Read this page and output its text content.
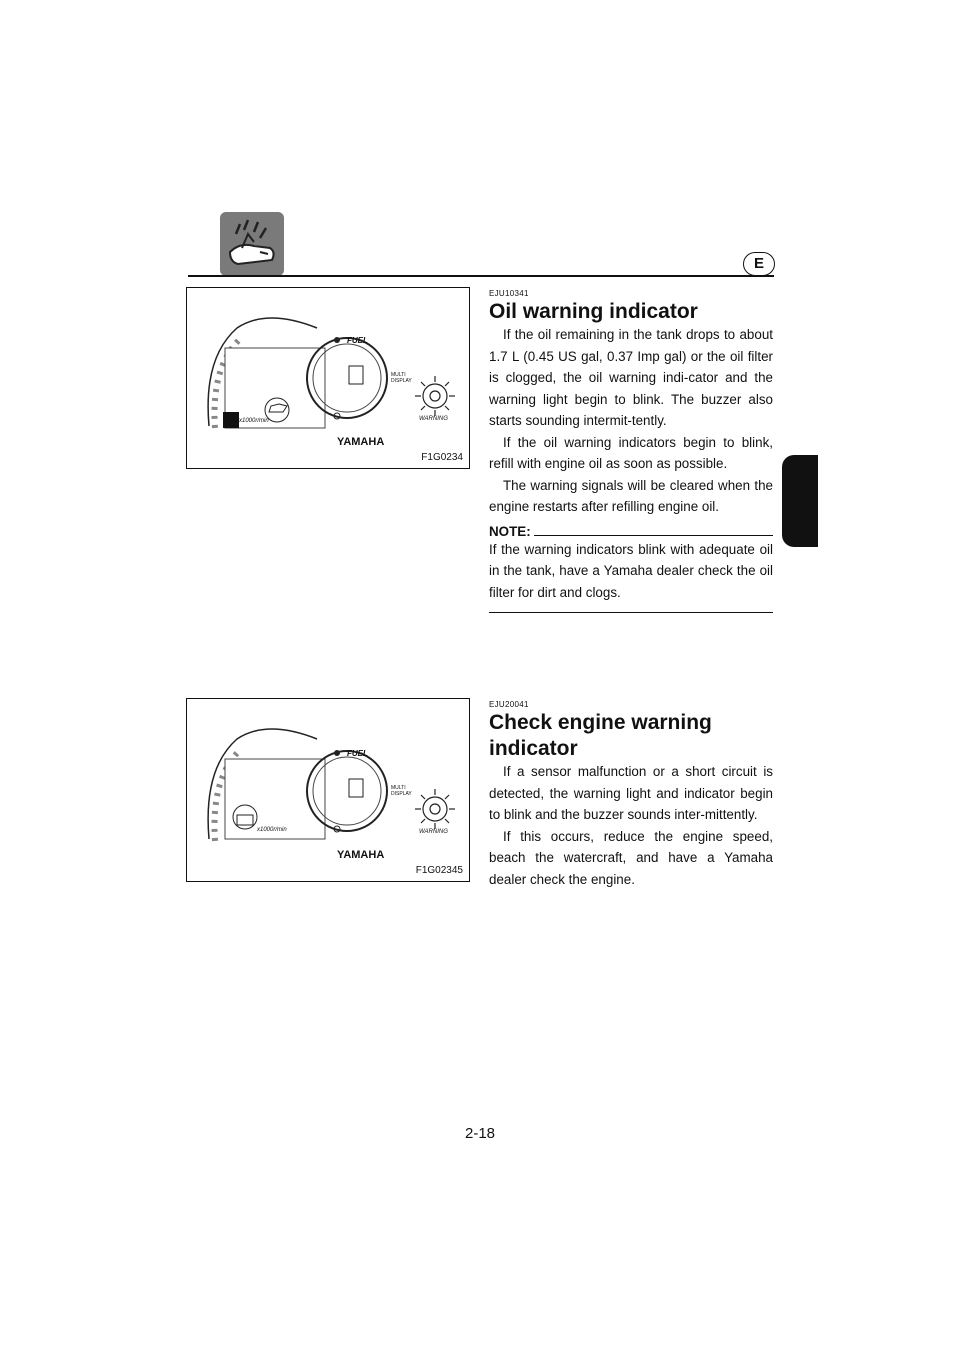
E
FUEL
MULTI DISPLAY
WARNING
x1000r/min
YAMAHA
F1G0234
EJU10341
Oil warning indicator

If the oil remaining in the tank drops to about 1.7 L (0.45 US gal, 0.37 Imp gal) or the oil filter is clogged, the oil warning indi-cator and the warning light begin to blink. The buzzer also starts sounding intermit-tently.

If the oil warning indicators begin to blink, refill with engine oil as soon as possible.

The warning signals will be cleared when the engine restarts after refilling engine oil.

NOTE:

If the warning indicators blink with adequate oil in the tank, have a Yamaha dealer check the oil filter for dirt and clogs.

FUEL
MULTI DISPLAY
WARNING
x1000r/min
YAMAHA
F1G02345
EJU20041
Check engine warning
indicator

If a sensor malfunction or a short circuit is detected, the warning light and indicator begin to blink and the buzzer sounds inter-mittently.

If this occurs, reduce the engine speed, beach the watercraft, and have a Yamaha dealer check the engine.

2-18
